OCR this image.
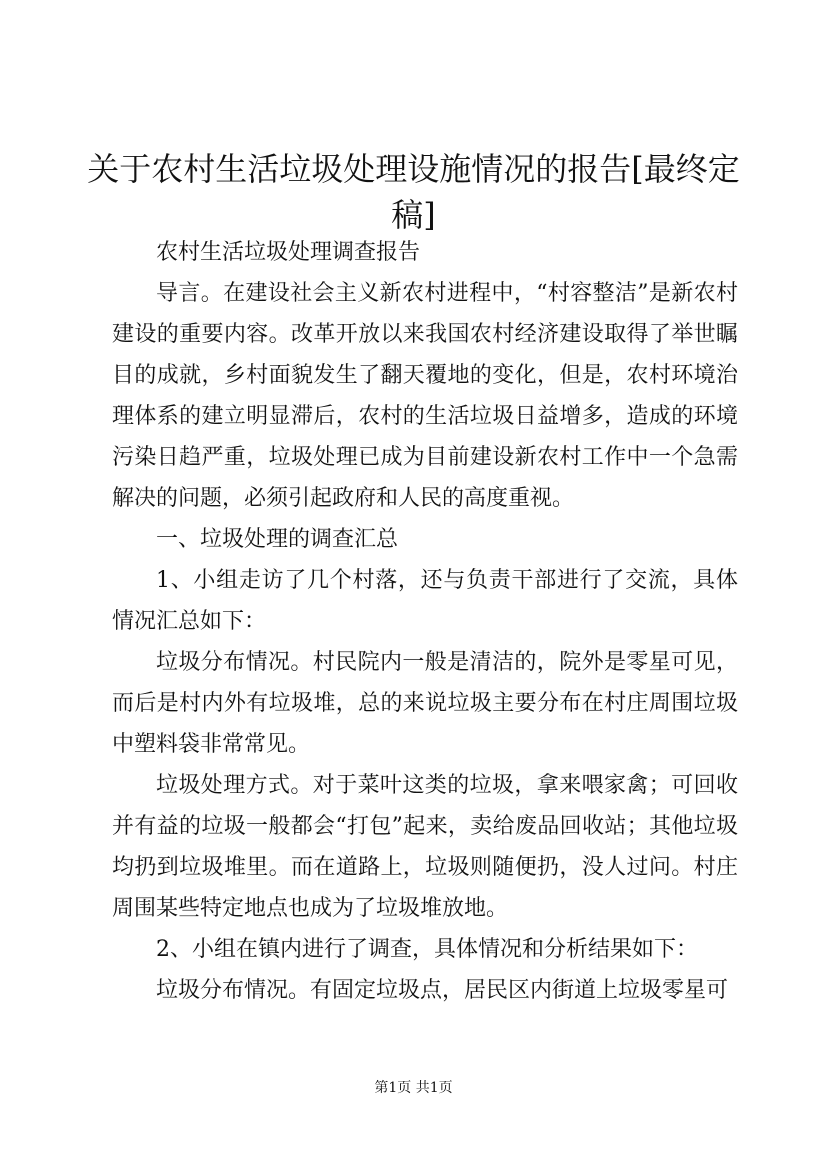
关于农村生活垃圾处理设施情况的报告[最终定稿]

农村生活垃圾处理调查报告

导言。在建设社会主义新农村进程中，“村容整洁”是新农村建设的重要内容。改革开放以来我国农村经济建设取得了举世瞩目的成就，乡村面貌发生了翻天覆地的变化，但是，农村环境治理体系的建立明显滞后，农村的生活垃圾日益增多，造成的环境污染日趋严重，垃圾处理已成为目前建设新农村工作中一个急需解决的问题，必须引起政府和人民的高度重视。

一、垃圾处理的调查汇总

1、小组走访了几个村落，还与负责干部进行了交流，具体情况汇总如下：

垃圾分布情况。村民院内一般是清洁的，院外是零星可见，而后是村内外有垃圾堆，总的来说垃圾主要分布在村庄周围垃圾中塑料袋非常常见。

垃圾处理方式。对于菜叶这类的垃圾，拿来喂家禽；可回收并有益的垃圾一般都会“打包”起来，卖给废品回收站；其他垃圾均扔到垃圾堆里。而在道路上，垃圾则随便扔，没人过问。村庄周围某些特定地点也成为了垃圾堆放地。

2、小组在镇内进行了调查，具体情况和分析结果如下：

垃圾分布情况。有固定垃圾点，居民区内街道上垃圾零星可

第1页 共1页
